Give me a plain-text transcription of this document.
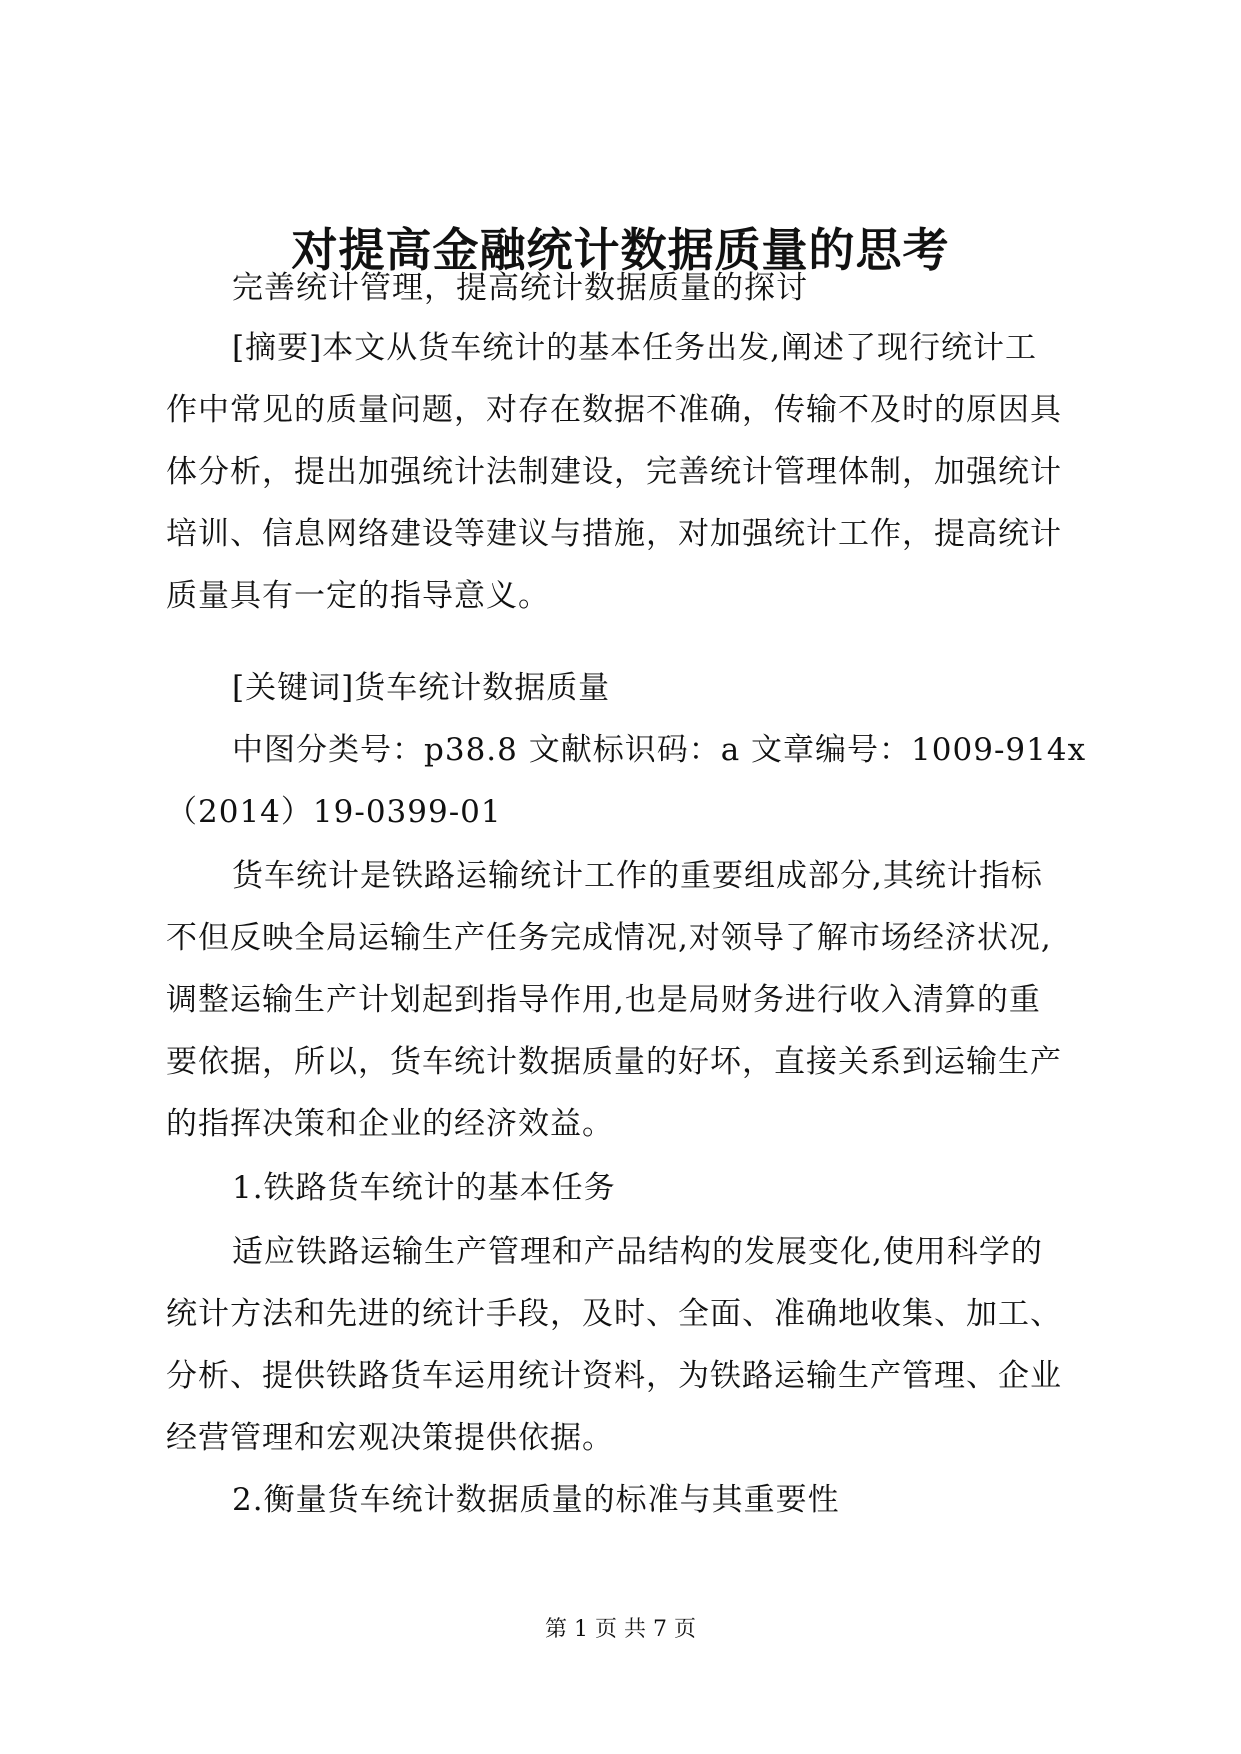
对提高金融统计数据质量的思考
完善统计管理，提高统计数据质量的探讨
[摘要]本文从货车统计的基本任务出发,阐述了现行统计工
作中常见的质量问题，对存在数据不准确，传输不及时的原因具
体分析，提出加强统计法制建设，完善统计管理体制，加强统计
培训、信息网络建设等建议与措施，对加强统计工作，提高统计
质量具有一定的指导意义。
[关键词]货车统计数据质量
中图分类号：p38.8 文献标识码：a 文章编号：1009-914x
（2014）19-0399-01
货车统计是铁路运输统计工作的重要组成部分,其统计指标
不但反映全局运输生产任务完成情况,对领导了解市场经济状况,
调整运输生产计划起到指导作用,也是局财务进行收入清算的重
要依据，所以，货车统计数据质量的好坏，直接关系到运输生产
的指挥决策和企业的经济效益。
1.铁路货车统计的基本任务
适应铁路运输生产管理和产品结构的发展变化,使用科学的
统计方法和先进的统计手段，及时、全面、准确地收集、加工、
分析、提供铁路货车运用统计资料，为铁路运输生产管理、企业
经营管理和宏观决策提供依据。
2.衡量货车统计数据质量的标准与其重要性
第 1 页 共 7 页
